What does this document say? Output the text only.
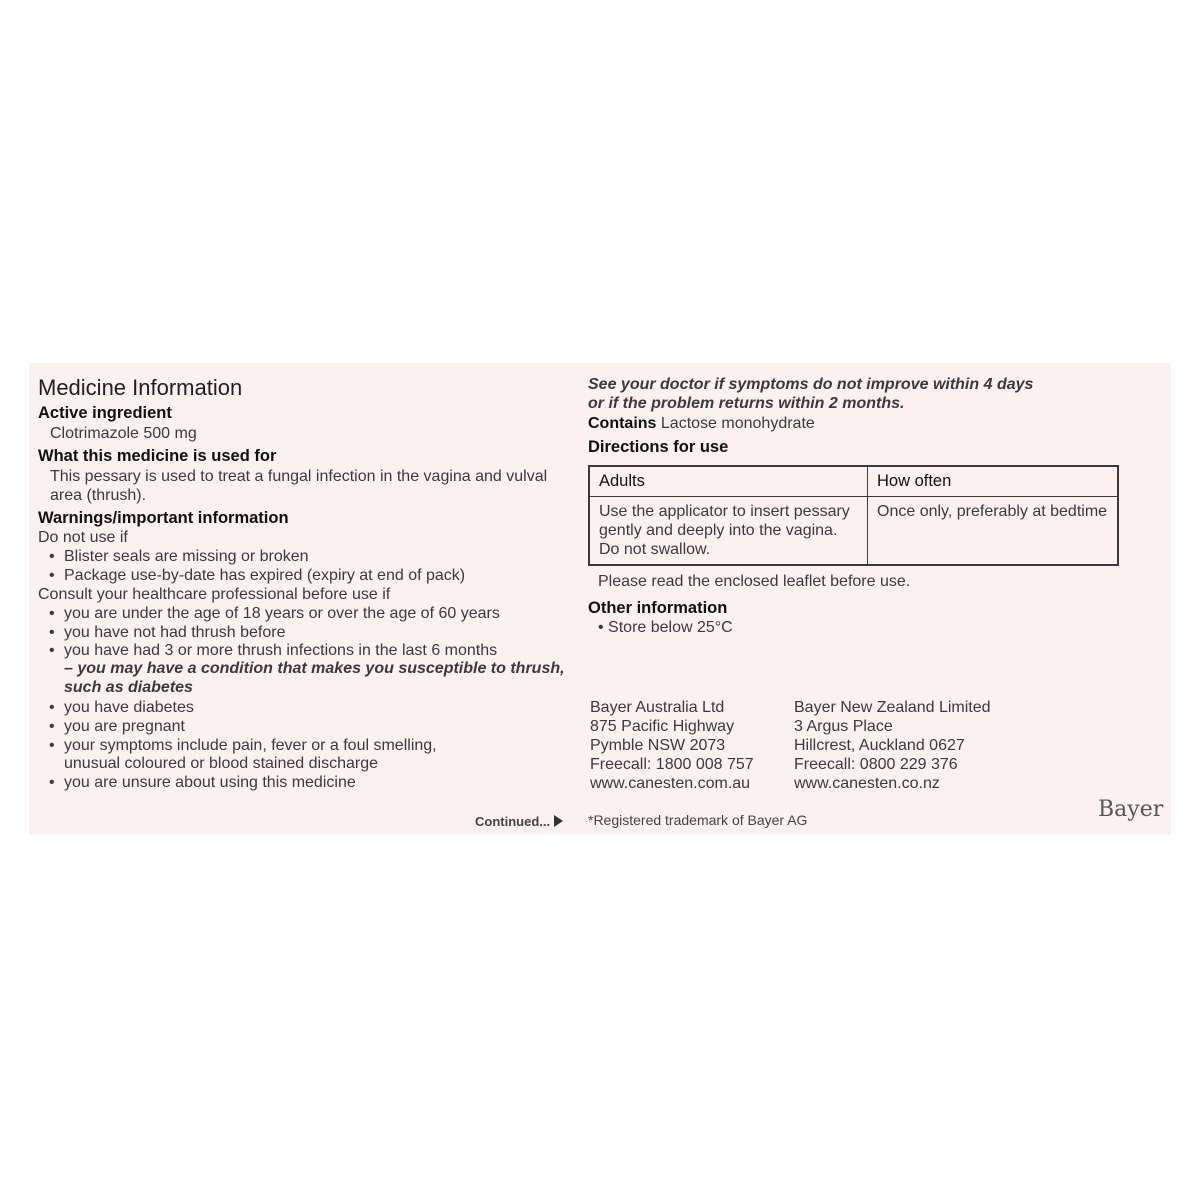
Medicine Information
Active ingredient
Clotrimazole 500 mg
What this medicine is used for
This pessary is used to treat a fungal infection in the vagina and vulval
area (thrush).
Warnings/important information
Do not use if
• Blister seals are missing or broken
• Package use-by-date has expired (expiry at end of pack)
Consult your healthcare professional before use if
• you are under the age of 18 years or over the age of 60 years
• you have not had thrush before
• you have had 3 or more thrush infections in the last 6 months
– you may have a condition that makes you susceptible to thrush,
such as diabetes
• you have diabetes
• you are pregnant
• your symptoms include pain, fever or a foul smelling,
unusual coloured or blood stained discharge
• you are unsure about using this medicine
Continued...
See your doctor if symptoms do not improve within 4 days
or if the problem returns within 2 months.
Contains Lactose monohydrate
Directions for use
Adults	How often

Use the applicator to insert pessary
gently and deeply into the vagina.
Do not swallow.	Once only, preferably at bedtime
Please read the enclosed leaflet before use.
Other information
• Store below 25°C
Bayer Australia Ltd
875 Pacific Highway
Pymble NSW 2073
Freecall: 1800 008 757
www.canesten.com.au
Bayer New Zealand Limited
3 Argus Place
Hillcrest, Auckland 0627
Freecall: 0800 229 376
www.canesten.co.nz
*Registered trademark of Bayer AG	Bayer
